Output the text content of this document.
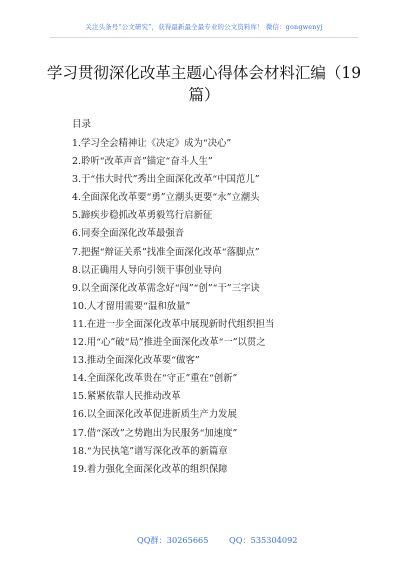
关注头条号“公文研究”，获得最新最全最专业的公文资料库！ 微信：gongwenyj
学习贯彻深化改革主题心得体会材料汇编（19篇）
目录
1.学习全会精神让《决定》成为“决心”
2.聆听“改革声音”锚定“奋斗人生”
3.于“伟大时代”秀出全面深化改革“中国范儿”
4.全面深化改革要“勇”立潮头更要“永”立潮头
5.蹄疾步稳抓改革勇毅笃行启新征
6.同奏全面深化改革最强音
7.把握“辩证关系”找准全面深化改革“落脚点”
8.以正确用人导向引领干事创业导向
9.以全面深化改革需念好“闯”“创”“干”三字诀
10.人才留用需要“温和放量”
11.在进一步全面深化改革中展现新时代组织担当
12.用“心”破“局”推进全面深化改革“一”以贯之
13.推动全面深化改革要“做客”
14.全面深化改革贵在“守正”重在“创新”
15.紧紧依靠人民推动改革
16.以全面深化改革促进新质生产力发展
17.借“深改”之势跑出为民服务“加速度”
18.“为民执笔”谱写深化改革的新篇章
19.着力强化全面深化改革的组织保障
QQ群：30265665	QQ：535304092
